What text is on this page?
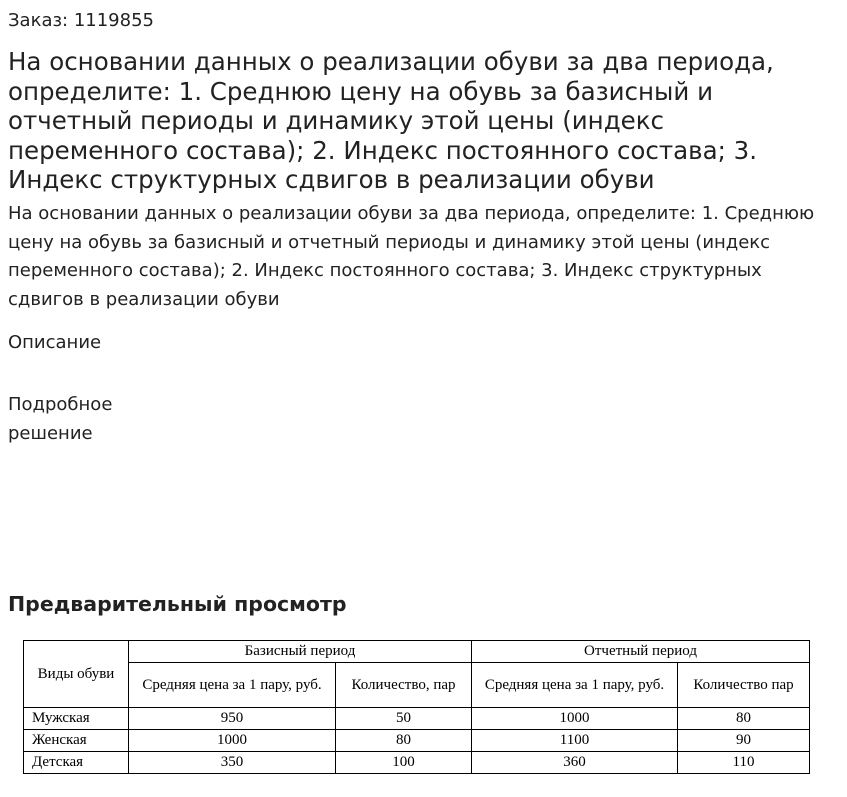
Заказ: 1119855
На основании данных о реализации обуви за два периода, определите: 1. Среднюю цену на обувь за базисный и отчетный периоды и динамику этой цены (индекс переменного состава); 2. Индекс постоянного состава; 3. Индекс структурных сдвигов в реализации обуви
На основании данных о реализации обуви за два периода, определите: 1. Среднюю цену на обувь за базисный и отчетный периоды и динамику этой цены (индекс переменного состава); 2. Индекс постоянного состава; 3. Индекс структурных сдвигов в реализации обуви
Описание
Подробное решение
Предварительный просмотр
Виды обуви	Базисный период		Отчетный период	
	Средняя цена за 1 пару, руб.	Количество, пар	Средняя цена за 1 пару, руб.	Количество пар
Мужская	950	50	1000	80
Женская	1000	80	1100	90
Детская	350	100	360	110
